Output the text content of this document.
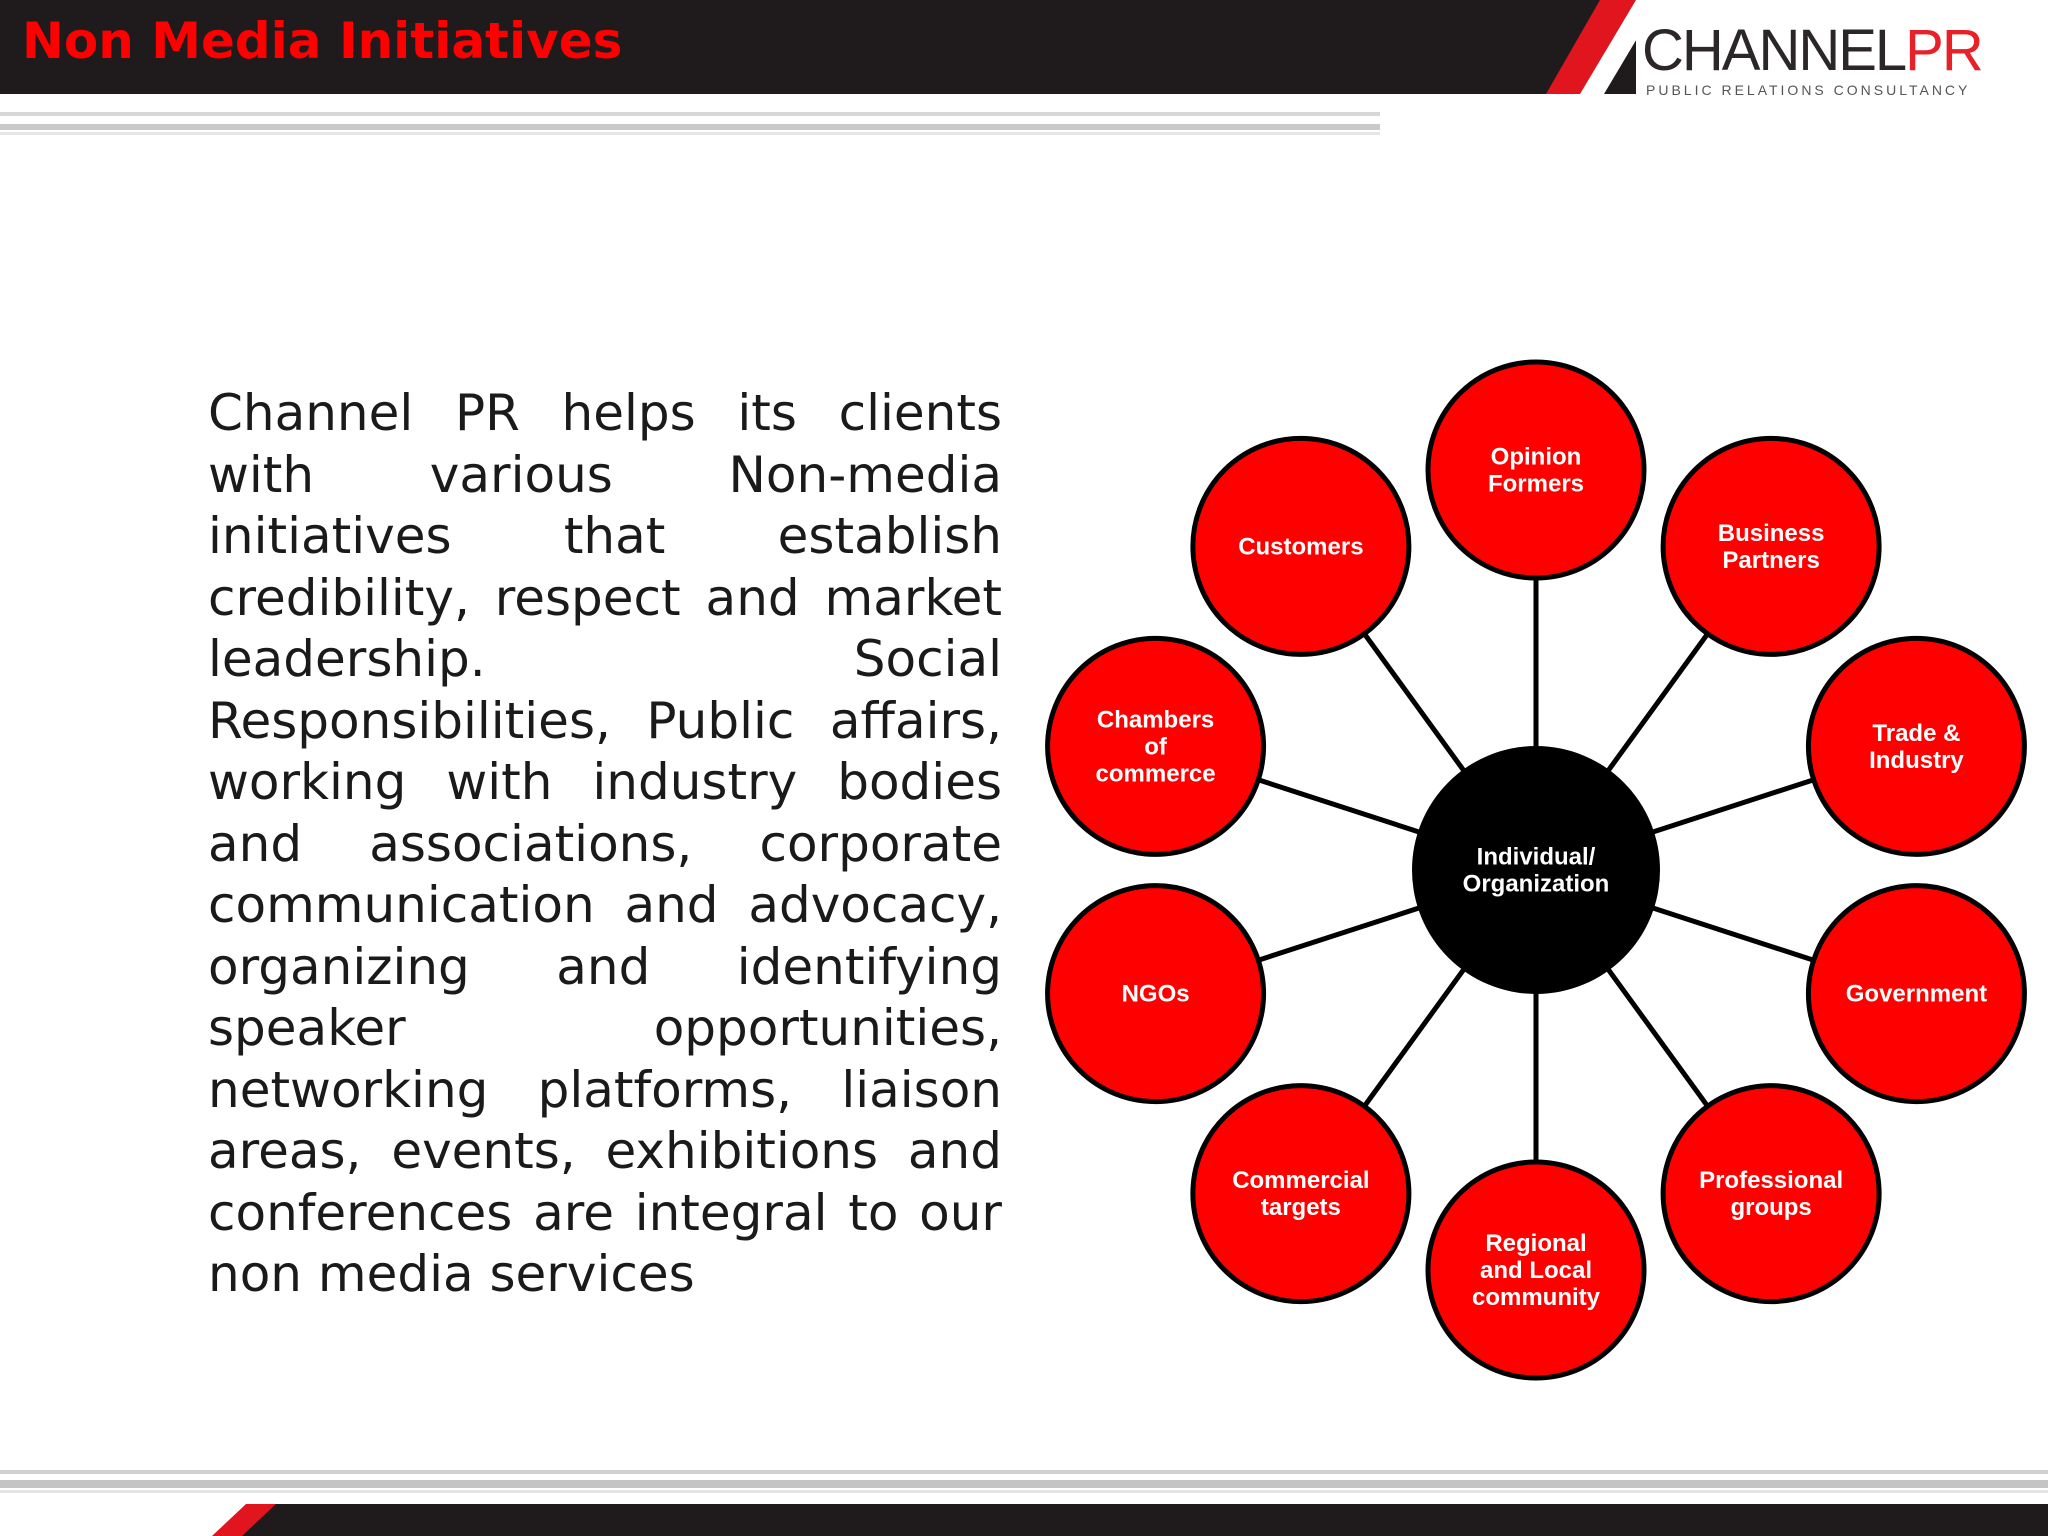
Non Media Initiatives	CHANNELPR
PUBLIC RELATIONS CONSULTANCY

Channel PR helps its clients with various Non-media initiatives that establish credibility, respect and market leadership. Social Responsibilities, Public affairs, working with industry bodies and associations, corporate communication and advocacy, organizing and identifying speaker opportunities, networking platforms, liaison areas, events, exhibitions and conferences are integral to our non media services

Individual/ Organization
Opinion Formers
Business Partners
Trade & Industry
Government
Professional groups
Regional and Local community
Commercial targets
NGOs
Chambers of commerce
Customers
